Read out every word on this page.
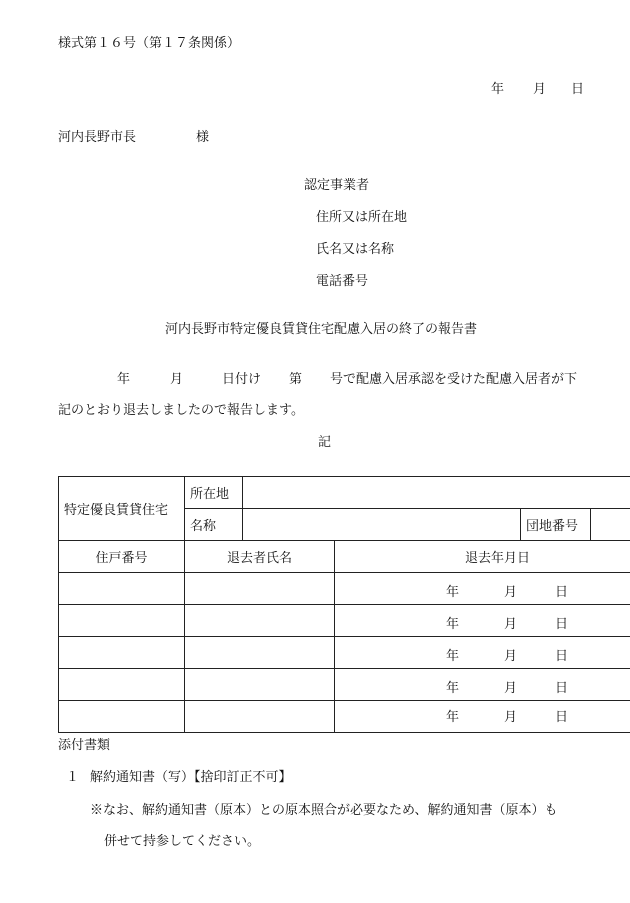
様式第１６号（第１７条関係）
年 月 日
河内長野市長	様
認定事業者
住所又は所在地
氏名又は名称
電話番号
河内長野市特定優良賃貸住宅配慮入居の終了の報告書
年	月	日付け 第 号で配慮入居承認を受けた配慮入居者が下
記のとおり退去しましたので報告します。
記
特定優良賃貸住宅	所在地				
	名称			団地番号	
住戸番号	退去者氏名		退去年月日		

			年 月 日		

			年 月 日		

			年 月 日		

			年 月 日		

			年 月 日		
添付書類
１ 解約通知書（写）【捨印訂正不可】
※なお、解約通知書（原本）との原本照合が必要なため、解約通知書（原本）も
併せて持参してください。
